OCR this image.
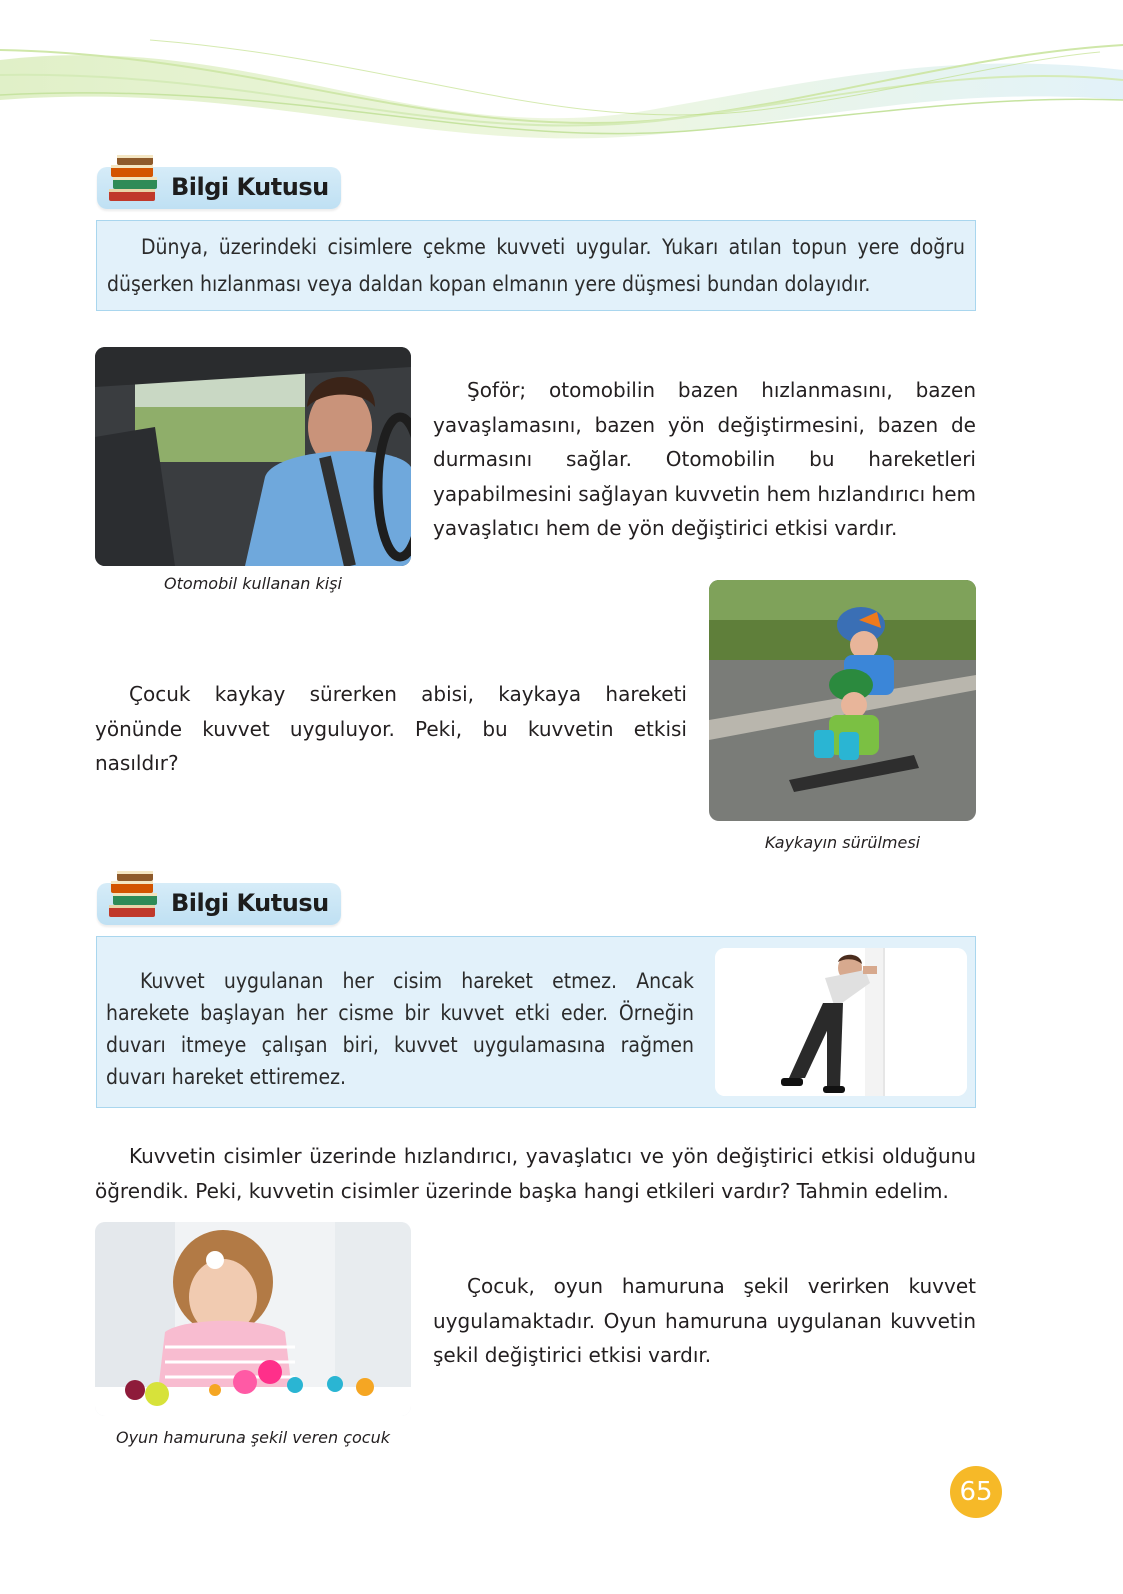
Bilgi Kutusu
Dünya, üzerindeki cisimlere çekme kuvveti uygular. Yukarı atılan topun yere doğru düşerken hızlanması veya daldan kopan elmanın yere düşmesi bundan dolayıdır.
Otomobil kullanan kişi
Şoför; otomobilin bazen hızlanmasını, bazen yavaşlamasını, bazen yön değiştirmesini, bazen de durmasını sağlar. Otomobilin bu hareketleri yapabilmesini sağlayan kuvvetin hem hızlandırıcı hem yavaşlatıcı hem de yön değiştirici etkisi vardır.
Kaykayın sürülmesi
Çocuk kaykay sürerken abisi, kaykaya hareketi yönünde kuvvet uyguluyor. Peki, bu kuvvetin etkisi nasıldır?
Bilgi Kutusu
Kuvvet uygulanan her cisim hareket etmez. Ancak harekete başlayan her cisme bir kuvvet etki eder. Örneğin duvarı itmeye çalışan biri, kuvvet uygulamasına rağmen duvarı hareket ettiremez.
Kuvvetin cisimler üzerinde hızlandırıcı, yavaşlatıcı ve yön değiştirici etkisi olduğunu öğrendik. Peki, kuvvetin cisimler üzerinde başka hangi etkileri vardır? Tahmin edelim.
Oyun hamuruna şekil veren çocuk
Çocuk, oyun hamuruna şekil verirken kuvvet uygulamaktadır. Oyun hamuruna uygulanan kuvvetin şekil değiştirici etkisi vardır.
65
